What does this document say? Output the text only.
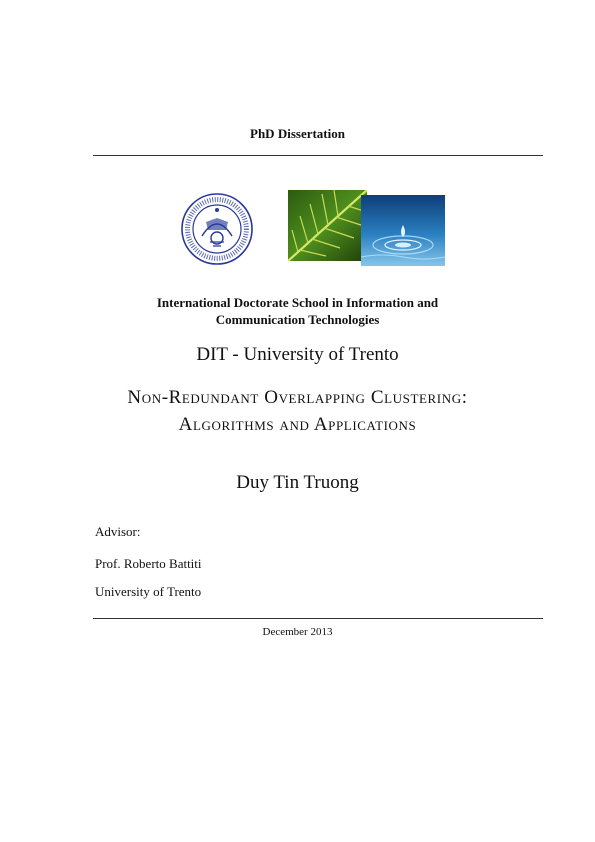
PhD Dissertation
International Doctorate School in Information and
Communication Technologies
DIT - University of Trento
Non-Redundant Overlapping Clustering:
Algorithms and Applications
Duy Tin Truong
Advisor:
Prof. Roberto Battiti
University of Trento
December 2013
